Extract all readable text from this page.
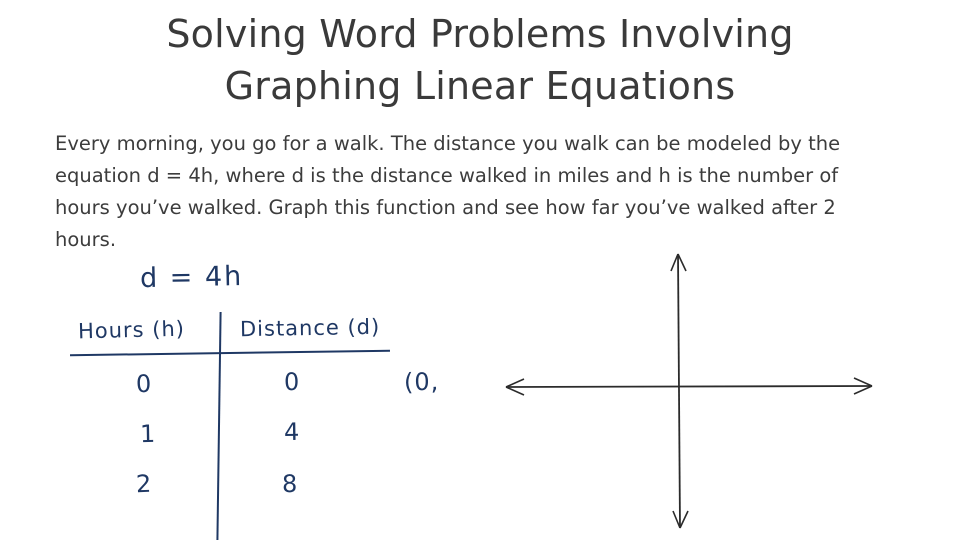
Solving Word Problems Involving
Graphing Linear Equations
Every morning, you go for a walk. The distance you walk can be modeled by the equation d = 4h, where d is the distance walked in miles and h is the number of hours you’ve walked. Graph this function and see how far you’ve walked after 2 hours.
d = 4h
Hours (h)	Distance (d)
0	0
1	4
2	8
(0,
